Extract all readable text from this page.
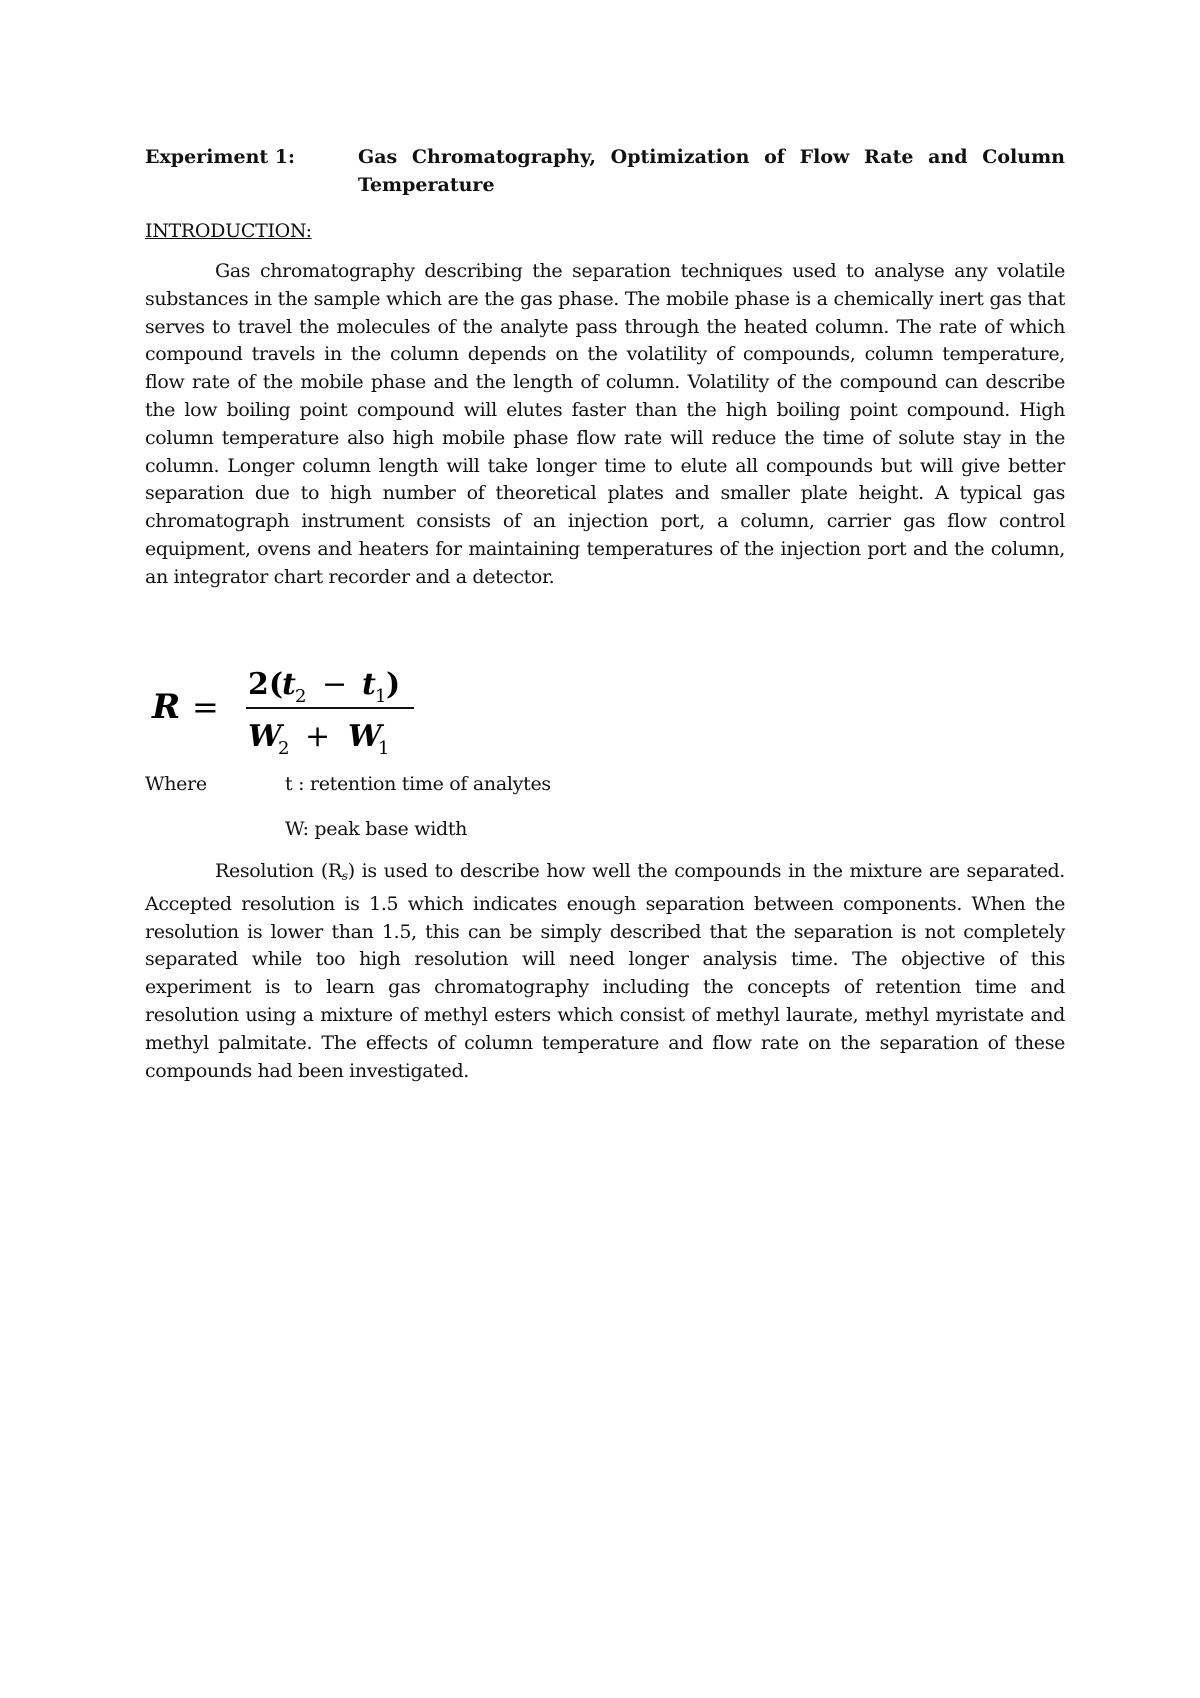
Experiment 1:	Gas Chromatography, Optimization of Flow Rate and Column Temperature
INTRODUCTION:

Gas chromatography describing the separation techniques used to analyse any volatile substances in the sample which are the gas phase. The mobile phase is a chemically inert gas that serves to travel the molecules of the analyte pass through the heated column. The rate of which compound travels in the column depends on the volatility of compounds, column temperature, flow rate of the mobile phase and the length of column. Volatility of the compound can describe the low boiling point compound will elutes faster than the high boiling point compound. High column temperature also high mobile phase flow rate will reduce the time of solute stay in the column. Longer column length will take longer time to elute all compounds but will give better separation due to high number of theoretical plates and smaller plate height. A typical gas chromatograph instrument consists of an injection port, a column, carrier gas flow control equipment, ovens and heaters for maintaining temperatures of the injection port and the column, an integrator chart recorder and a detector.

R =
2(
t 2 − t 1 )
W
2 + W
1
Where	t : retention time of analytes
W: peak base width

Resolution $(R_s)$ is used to describe how well the compounds in the mixture are separated. Accepted resolution is 1.5 which indicates enough separation between components. When the resolution is lower than 1.5, this can be simply described that the separation is not completely separated while too high resolution will need longer analysis time. The objective of this experiment is to learn gas chromatography including the concepts of retention time and resolution using a mixture of methyl esters which consist of methyl laurate, methyl myristate and methyl palmitate. The effects of column temperature and flow rate on the separation of these compounds had been investigated.
